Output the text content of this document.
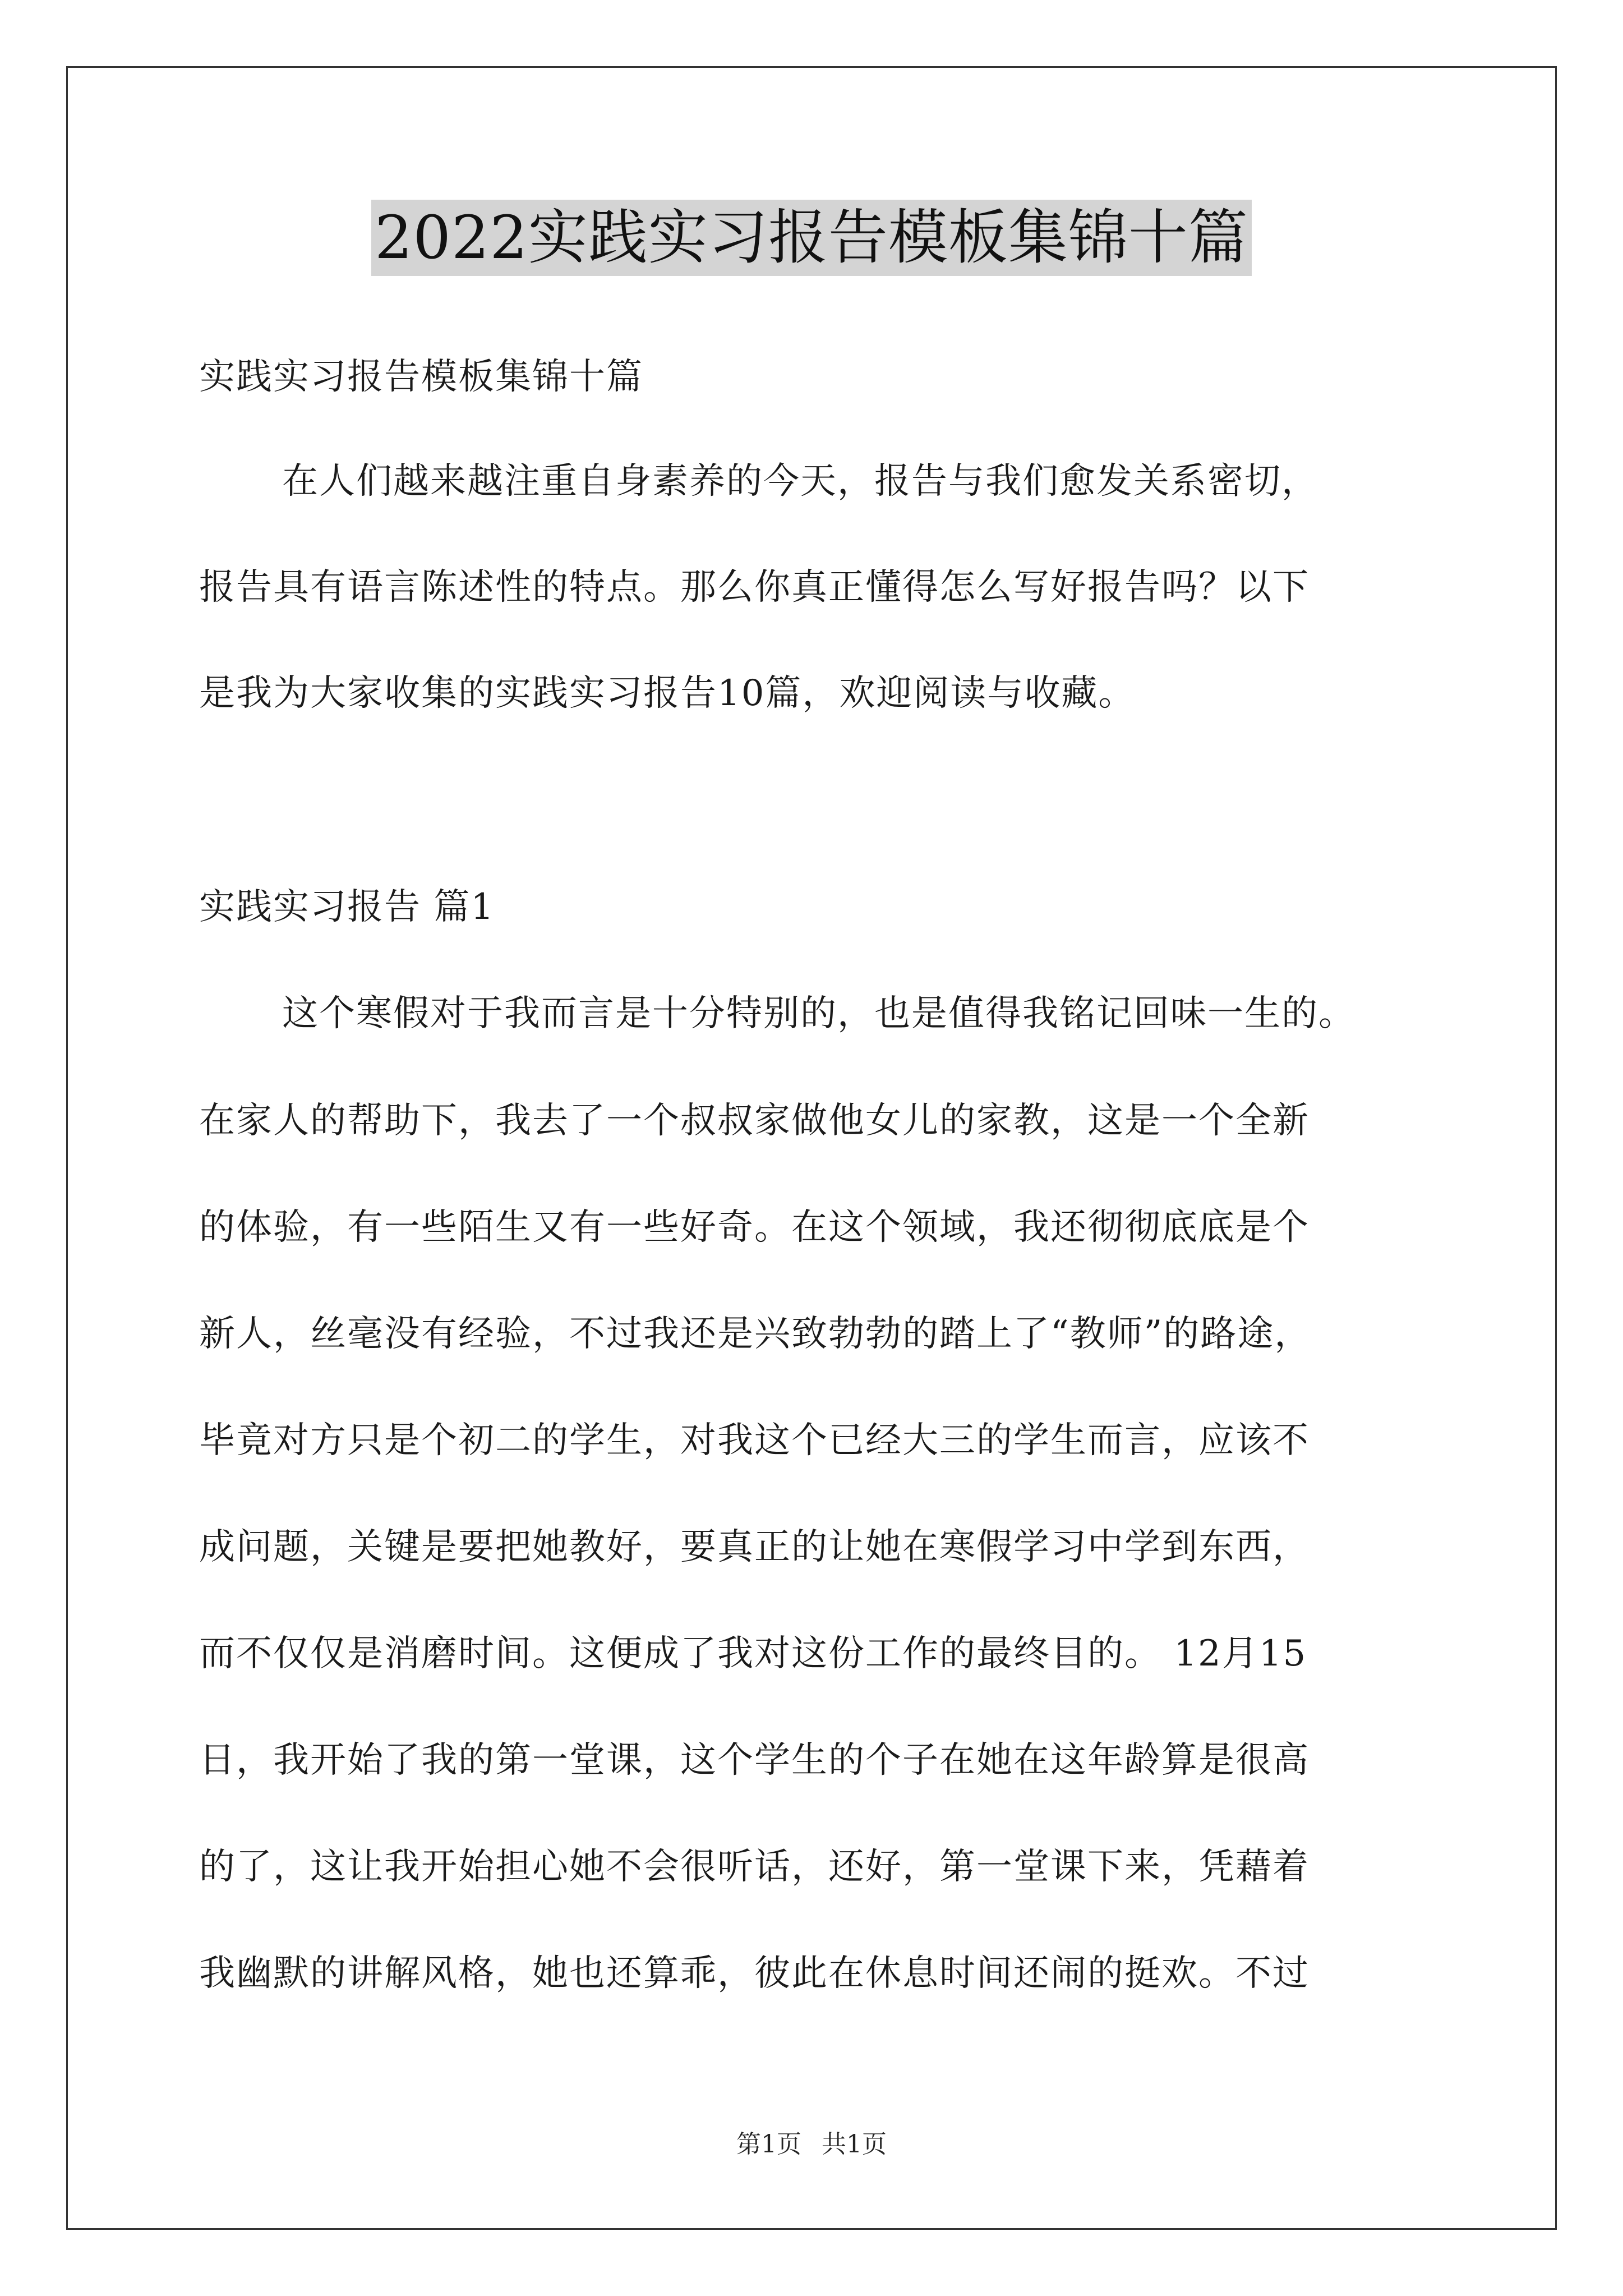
2022实践实习报告模板集锦十篇
实践实习报告模板集锦十篇
在人们越来越注重自身素养的今天，报告与我们愈发关系密切，
报告具有语言陈述性的特点。那么你真正懂得怎么写好报告吗？以下
是我为大家收集的实践实习报告10篇，欢迎阅读与收藏。
实践实习报告 篇1
这个寒假对于我而言是十分特别的，也是值得我铭记回味一生的。
在家人的帮助下，我去了一个叔叔家做他女儿的家教，这是一个全新
的体验，有一些陌生又有一些好奇。在这个领域，我还彻彻底底是个
新人，丝毫没有经验，不过我还是兴致勃勃的踏上了“教师”的路途，
毕竟对方只是个初二的学生，对我这个已经大三的学生而言，应该不
成问题，关键是要把她教好，要真正的让她在寒假学习中学到东西，
而不仅仅是消磨时间。这便成了我对这份工作的最终目的。 12月15
日，我开始了我的第一堂课，这个学生的个子在她在这年龄算是很高
的了，这让我开始担心她不会很听话，还好，第一堂课下来，凭藉着
我幽默的讲解风格，她也还算乖，彼此在休息时间还闹的挺欢。不过
第1页 共1页
